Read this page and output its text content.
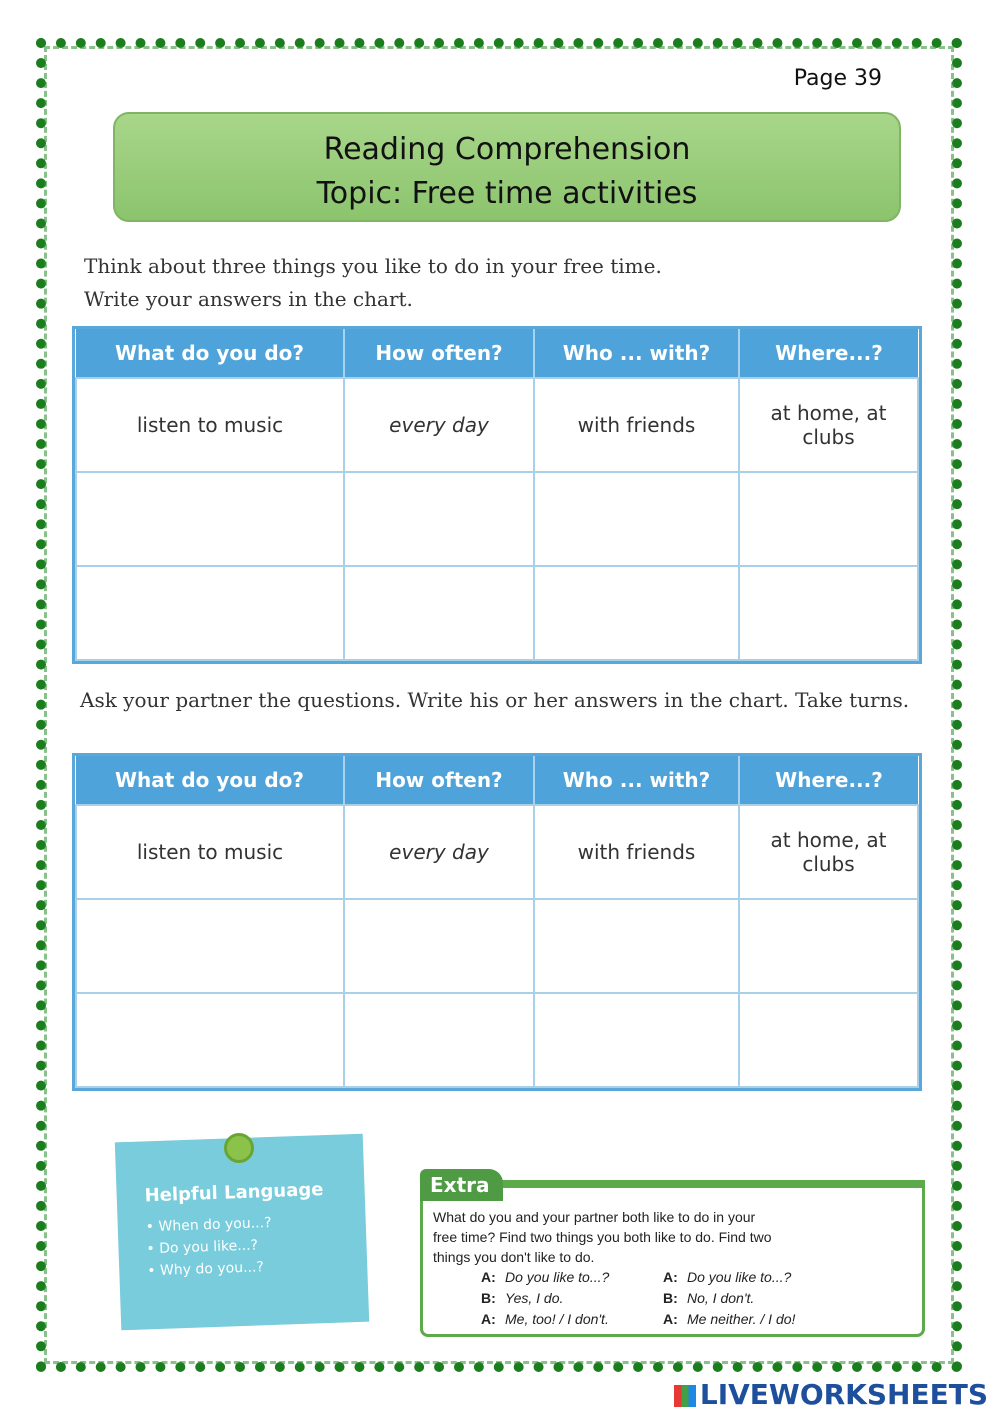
Page 39
Reading Comprehension
Topic: Free time activities
Think about three things you like to do in your free time.
Write your answers in the chart.
What do you do?	How often?	Who ... with?	Where...?
listen to music	every day	with friends	at home, at clubs

Ask your partner the questions. Write his or her answers in the chart. Take turns.
What do you do?	How often?	Who ... with?	Where...?
listen to music	every day	with friends	at home, at clubs

Helpful Language
• When do you...?
• Do you like...?
• Why do you...?
Extra
What do you and your partner both like to do in your free time? Find two things you both like to do. Find two things you don't like to do.
A: Do you like to...?
B: Yes, I do.
A: Me, too! / I don't.
A: Do you like to...?
B: No, I don't.
A: Me neither. / I do!
LIVEWORKSHEETS
